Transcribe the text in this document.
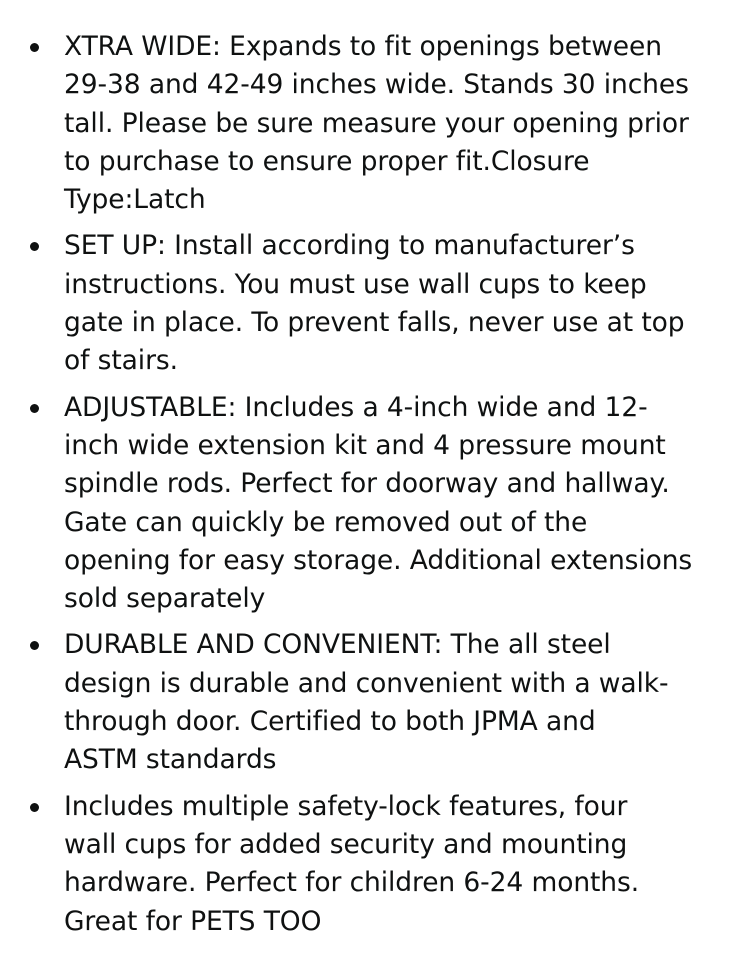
XTRA WIDE: Expands to fit openings between
29-38 and 42-49 inches wide. Stands 30 inches
tall. Please be sure measure your opening prior
to purchase to ensure proper fit.Closure
Type:Latch
SET UP: Install according to manufacturer’s
instructions. You must use wall cups to keep
gate in place. To prevent falls, never use at top
of stairs.
ADJUSTABLE: Includes a 4-inch wide and 12-
inch wide extension kit and 4 pressure mount
spindle rods. Perfect for doorway and hallway.
Gate can quickly be removed out of the
opening for easy storage. Additional extensions
sold separately
DURABLE AND CONVENIENT: The all steel
design is durable and convenient with a walk-
through door. Certified to both JPMA and
ASTM standards
Includes multiple safety-lock features, four
wall cups for added security and mounting
hardware. Perfect for children 6-24 months.
Great for PETS TOO
